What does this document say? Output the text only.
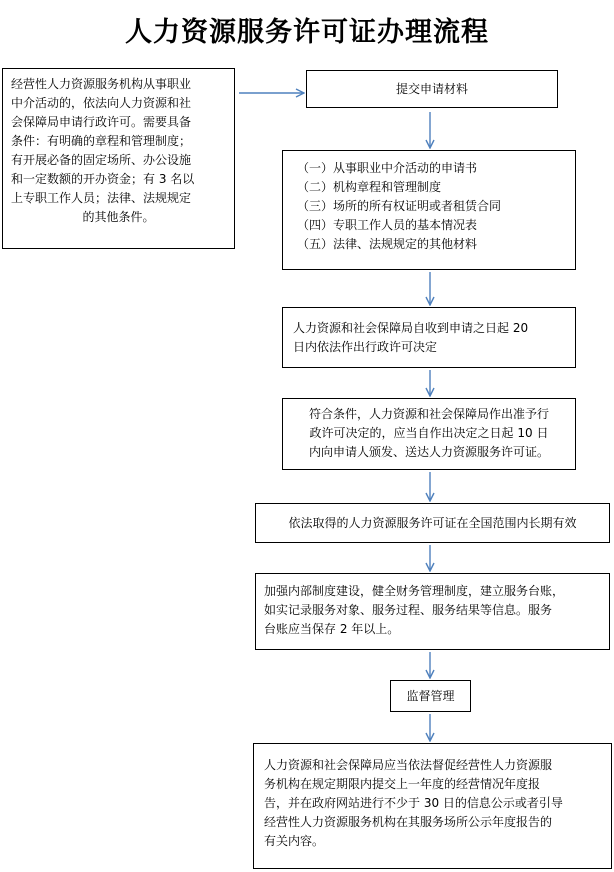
人力资源服务许可证办理流程
经营性人力资源服务机构从事职业
中介活动的，依法向人力资源和社
会保障局申请行政许可。需要具备
条件：有明确的章程和管理制度；
有开展必备的固定场所、办公设施
和一定数额的开办资金；有 3 名以
上专职工作人员；法律、法规规定
的其他条件。
提交申请材料
（一）从事职业中介活动的申请书
（二）机构章程和管理制度
（三）场所的所有权证明或者租赁合同
（四）专职工作人员的基本情况表
（五）法律、法规规定的其他材料
人力资源和社会保障局自收到申请之日起 20
日内依法作出行政许可决定
符合条件，人力资源和社会保障局作出准予行
政许可决定的，应当自作出决定之日起 10 日
内向申请人颁发、送达人力资源服务许可证。
依法取得的人力资源服务许可证在全国范围内长期有效
加强内部制度建设，健全财务管理制度，建立服务台账，
如实记录服务对象、服务过程、服务结果等信息。服务
台账应当保存 2 年以上。
监督管理
人力资源和社会保障局应当依法督促经营性人力资源服
务机构在规定期限内提交上一年度的经营情况年度报
告，并在政府网站进行不少于 30 日的信息公示或者引导
经营性人力资源服务机构在其服务场所公示年度报告的
有关内容。
